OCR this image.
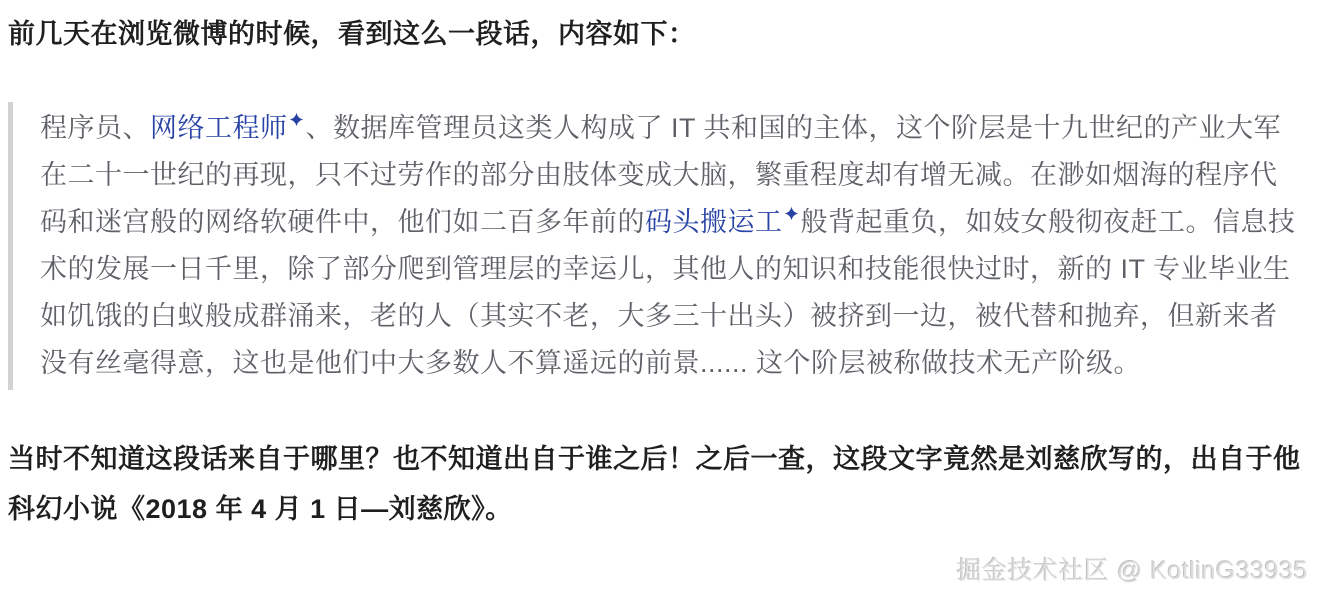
前几天在浏览微博的时候，看到这么一段话，内容如下：

程序员、网络工程师 、数据库管理员这类人构成了 IT 共和国的主体，这个阶层是十九世纪的产业大军在二十一世纪的再现，只不过劳作的部分由肢体变成大脑，繁重程度却有增无减。在渺如烟海的程序代码和迷宫般的网络软硬件中，他们如二百多年前的码头搬运工 般背起重负，如妓女般彻夜赶工。信息技术的发展一日千里，除了部分爬到管理层的幸运儿，其他人的知识和技能很快过时，新的 IT 专业毕业生如饥饿的白蚁般成群涌来，老的人（其实不老，大多三十出头）被挤到一边，被代替和抛弃，但新来者没有丝毫得意，这也是他们中大多数人不算遥远的前景...... 这个阶层被称做技术无产阶级。

当时不知道这段话来自于哪里？也不知道出自于谁之后！之后一查，这段文字竟然是刘慈欣写的，出自于他科幻小说《2018 年 4 月 1 日—刘慈欣》。

掘金技术社区 @ KotlinG33935
